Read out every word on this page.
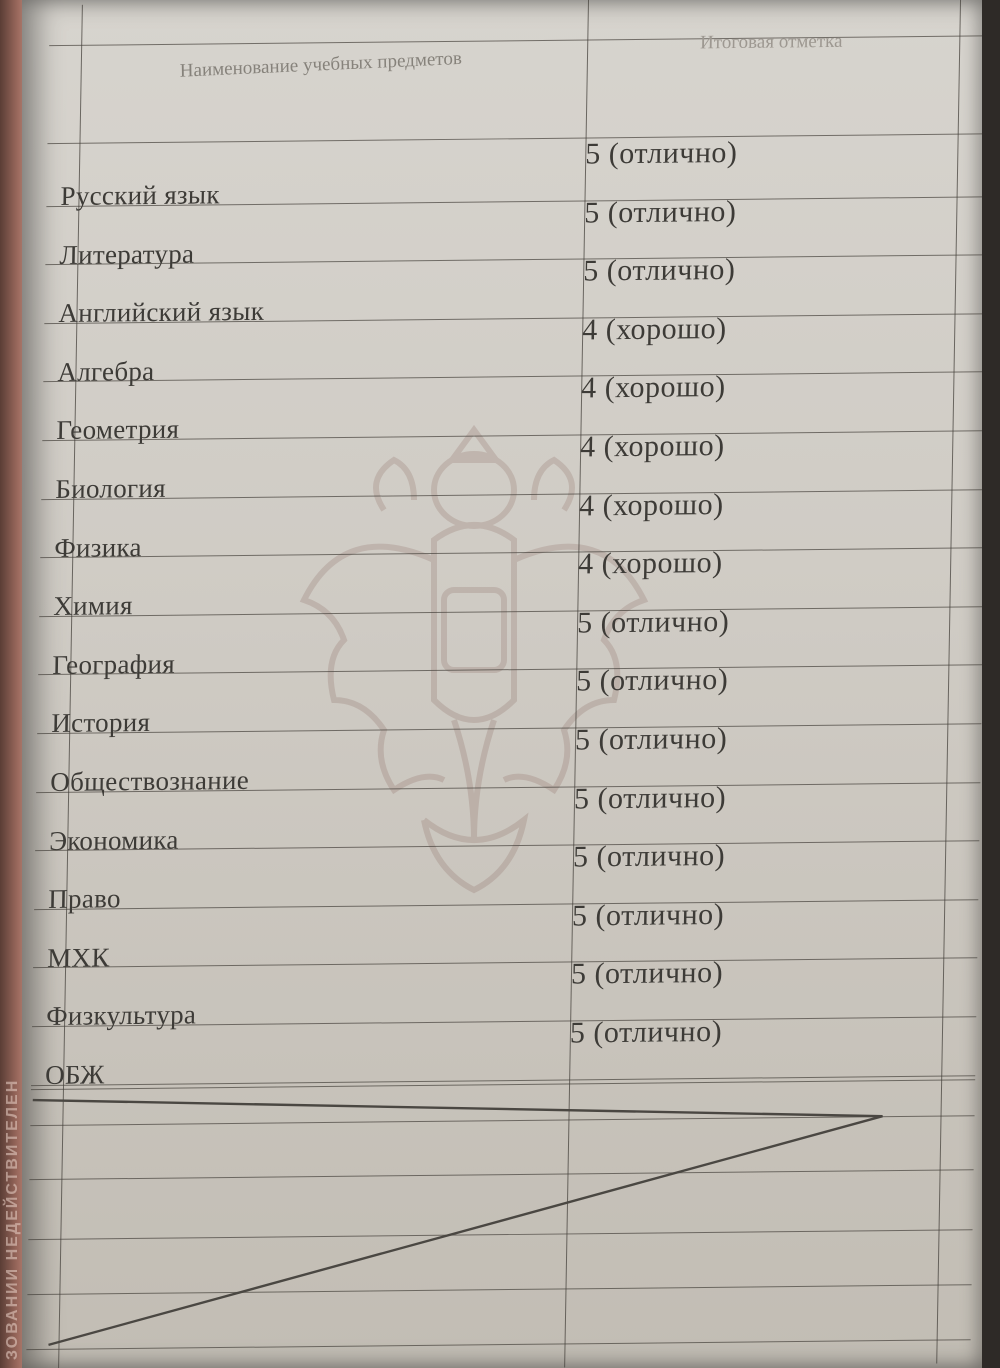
ЗОВАНИИ НЕДЕЙСТВИТЕЛЕН
Наименование учебных предметов
Итоговая отметка
Русский язык
5 (отлично)
Литература
5 (отлично)
Английский язык
5 (отлично)
Алгебра
4 (хорошо)
Геометрия
4 (хорошо)
Биология
4 (хорошо)
Физика
4 (хорошо)
Химия
4 (хорошо)
География
5 (отлично)
История
5 (отлично)
Обществознание
5 (отлично)
Экономика
5 (отлично)
Право
5 (отлично)
МХК
5 (отлично)
Физкультура
5 (отлично)
ОБЖ
5 (отлично)
